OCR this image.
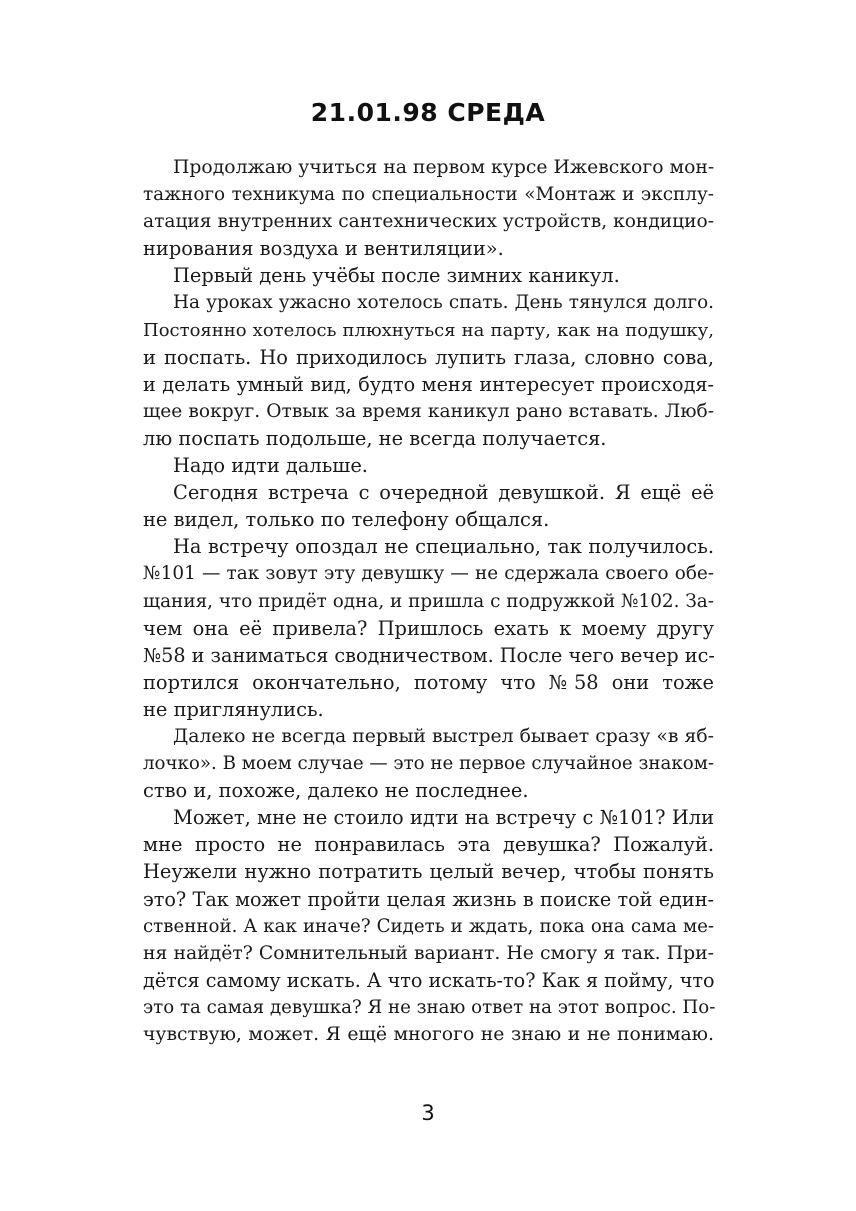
21.01.98 СРЕДА
Продолжаю учиться на первом курсе Ижевского мон-
тажного техникума по специальности «Монтаж и эксплу-
атация внутренних сантехнических устройств, кондицио-
нирования воздуха и вентиляции».
Первый день учёбы после зимних каникул.
На уроках ужасно хотелось спать. День тянулся долго.
Постоянно хотелось плюхнуться на парту, как на подушку,
и поспать. Но приходилось лупить глаза, словно сова,
и делать умный вид, будто меня интересует происходя-
щее вокруг. Отвык за время каникул рано вставать. Люб-
лю поспать подольше, не всегда получается.
Надо идти дальше.
Сегодня встреча с очередной девушкой. Я ещё её
не видел, только по телефону общался.
На встречу опоздал не специально, так получилось.
№101 — так зовут эту девушку — не сдержала своего обе-
щания, что придёт одна, и пришла с подружкой №102. За-
чем она её привела? Пришлось ехать к моему другу
№58 и заниматься сводничеством. После чего вечер ис-
портился окончательно, потому что №58 они тоже
не приглянулись.
Далеко не всегда первый выстрел бывает сразу «в яб-
лочко». В моем случае — это не первое случайное знаком-
ство и, похоже, далеко не последнее.
Может, мне не стоило идти на встречу с №101? Или
мне просто не понравилась эта девушка? Пожалуй.
Неужели нужно потратить целый вечер, чтобы понять
это? Так может пройти целая жизнь в поиске той един-
ственной. А как иначе? Сидеть и ждать, пока она сама ме-
ня найдёт? Сомнительный вариант. Не смогу я так. При-
дётся самому искать. А что искать-то? Как я пойму, что
это та самая девушка? Я не знаю ответ на этот вопрос. По-
чувствую, может. Я ещё многого не знаю и не понимаю.
3
